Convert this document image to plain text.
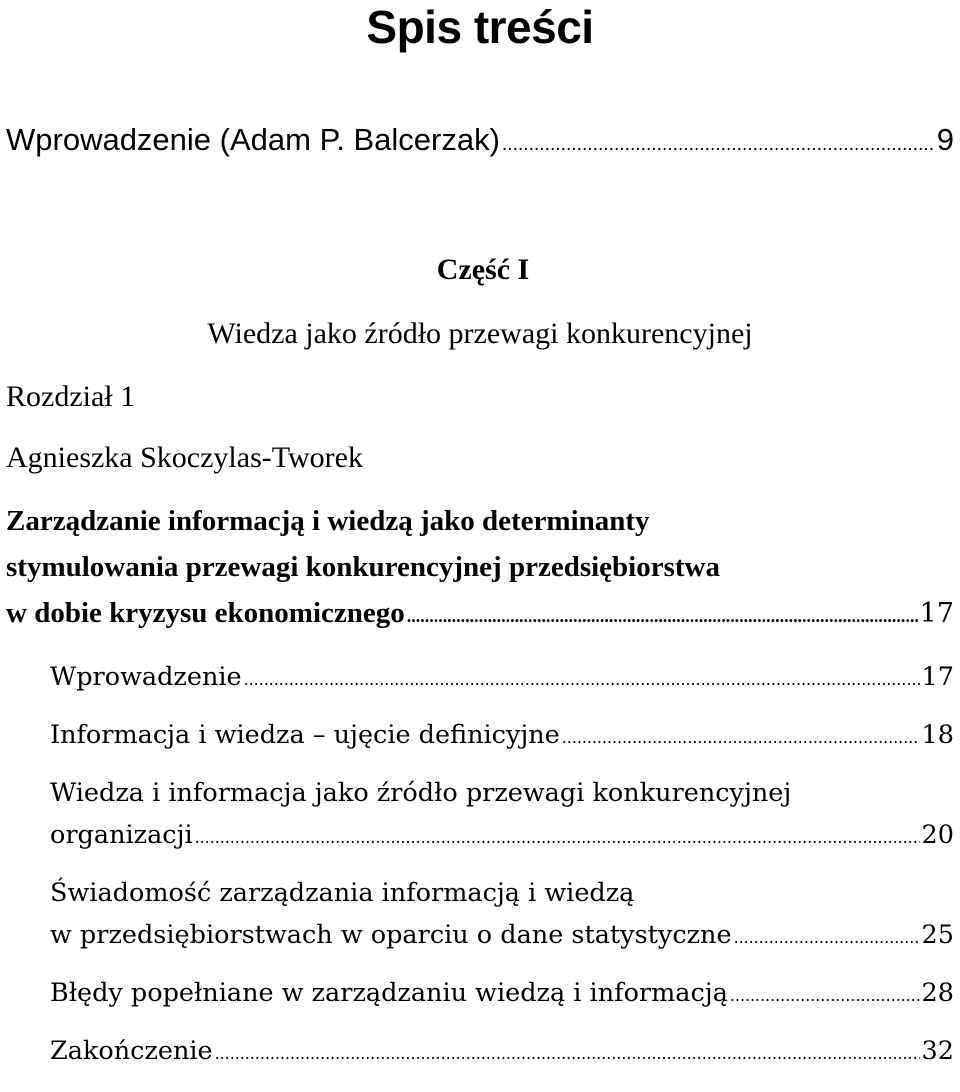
Spis treści
Wprowadzenie (Adam P. Balcerzak) .....	9
Część I
Wiedza jako źródło przewagi konkurencyjnej
Rozdział 1
Agnieszka Skoczylas-Tworek
Zarządzanie informacją i wiedzą jako determinanty
stymulowania przewagi konkurencyjnej przedsiębiorstwa
w dobie kryzysu ekonomicznego .....	17
Wprowadzenie .....	17
Informacja i wiedza – ujęcie definicyjne .....	18
Wiedza i informacja jako źródło przewagi konkurencyjnej
organizacji .....	20
Świadomość zarządzania informacją i wiedzą
w przedsiębiorstwach w oparciu o dane statystyczne .....	25
Błędy popełniane w zarządzaniu wiedzą i informacją .....	28
Zakończenie .....	32
